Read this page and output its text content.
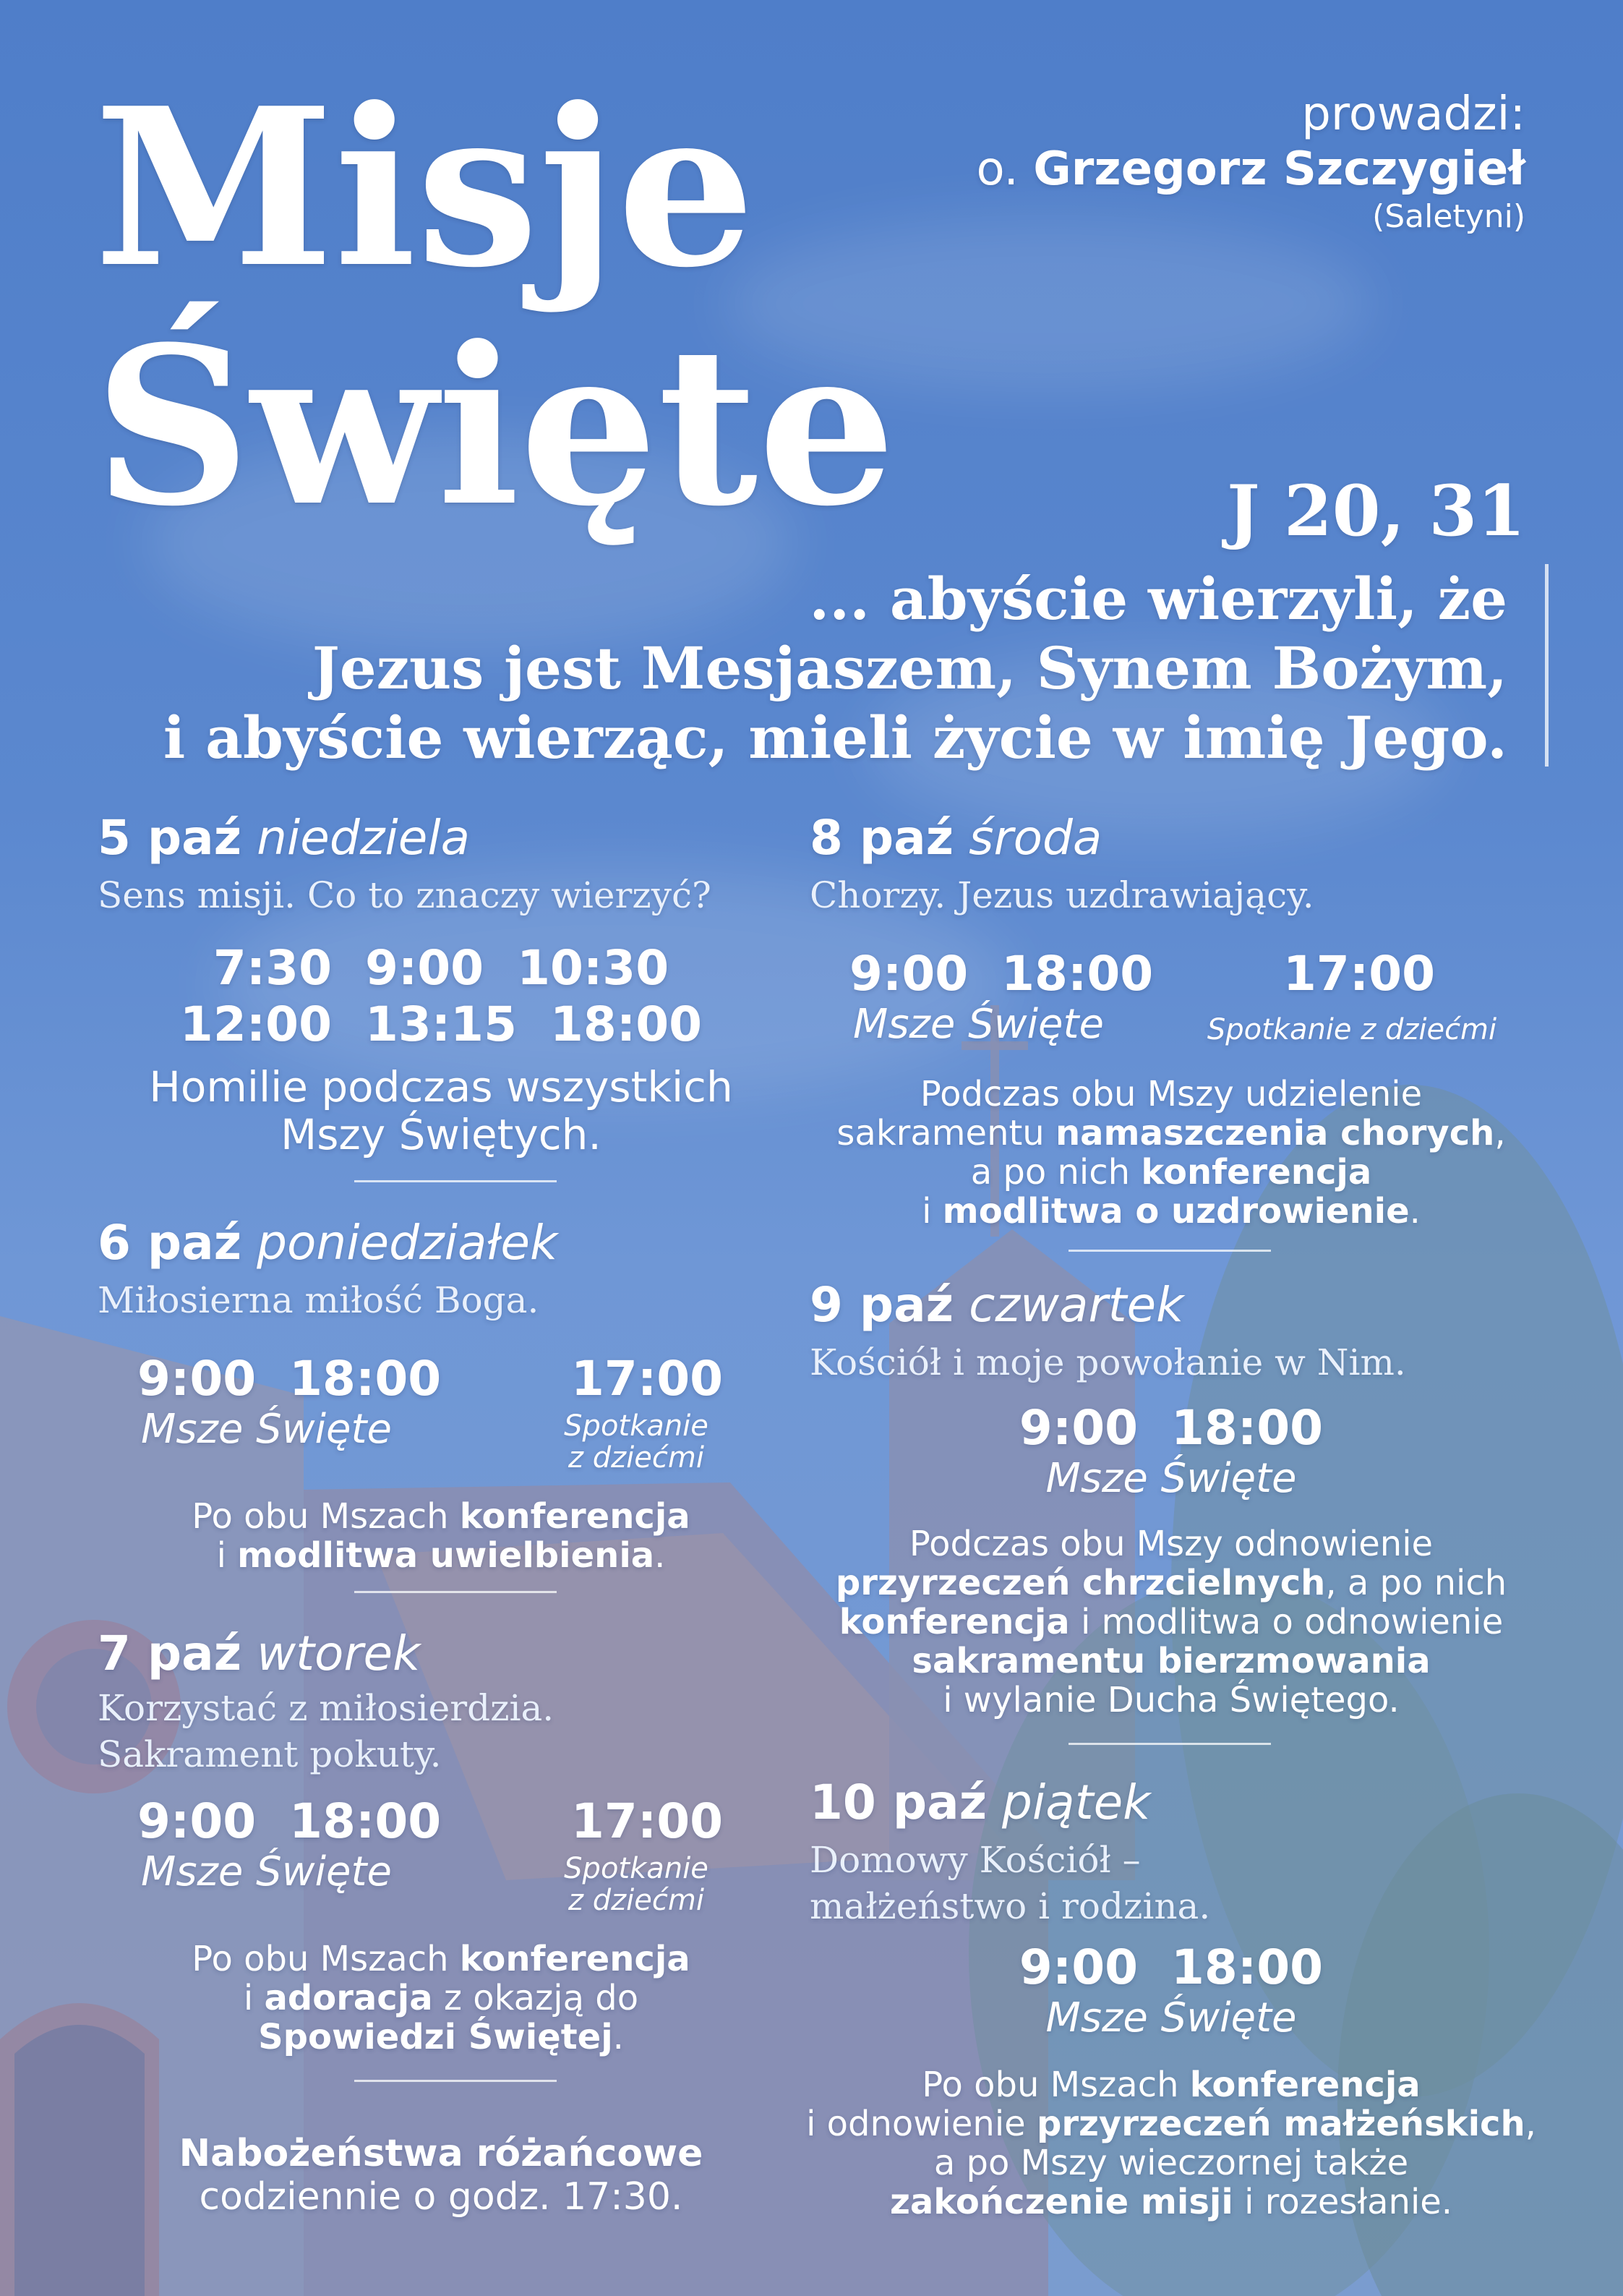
Misje
Święte
prowadzi:
o. Grzegorz Szczygieł
(Saletyni)
J 20, 31
... abyście wierzyli, że
Jezus jest Mesjaszem, Synem Bożym,
i abyście wierząc, mieli życie w imię Jego.
5 paź niedziela
Sens misji. Co to znaczy wierzyć?
7:30  9:00  10:30
12:00  13:15  18:00
Homilie podczas wszystkich
Mszy Świętych.
6 paź poniedziałek
Miłosierna miłość Boga.
9:00  18:00
Msze Święte
17:00
Spotkanie
z dziećmi
Po obu Mszach konferencja
i modlitwa uwielbienia.
7 paź wtorek
Korzystać z miłosierdzia.
Sakrament pokuty.
9:00  18:00
Msze Święte
17:00
Spotkanie
z dziećmi
Po obu Mszach konferencja
i adoracja z okazją do
Spowiedzi Świętej.
Nabożeństwa różańcowe
codziennie o godz. 17:30.
8 paź środa
Chorzy. Jezus uzdrawiający.
9:00  18:00
Msze Święte
17:00
Spotkanie z dziećmi
Podczas obu Mszy udzielenie
sakramentu namaszczenia chorych,
a po nich konferencja
i modlitwa o uzdrowienie.
9 paź czwartek
Kościół i moje powołanie w Nim.
9:00  18:00
Msze Święte
Podczas obu Mszy odnowienie
przyrzeczeń chrzcielnych, a po nich
konferencja i modlitwa o odnowienie
sakramentu bierzmowania
i wylanie Ducha Świętego.
10 paź piątek
Domowy Kościół –
małżeństwo i rodzina.
9:00  18:00
Msze Święte
Po obu Mszach konferencja
i odnowienie przyrzeczeń małżeńskich,
a po Mszy wieczornej także
zakończenie misji i rozesłanie.
